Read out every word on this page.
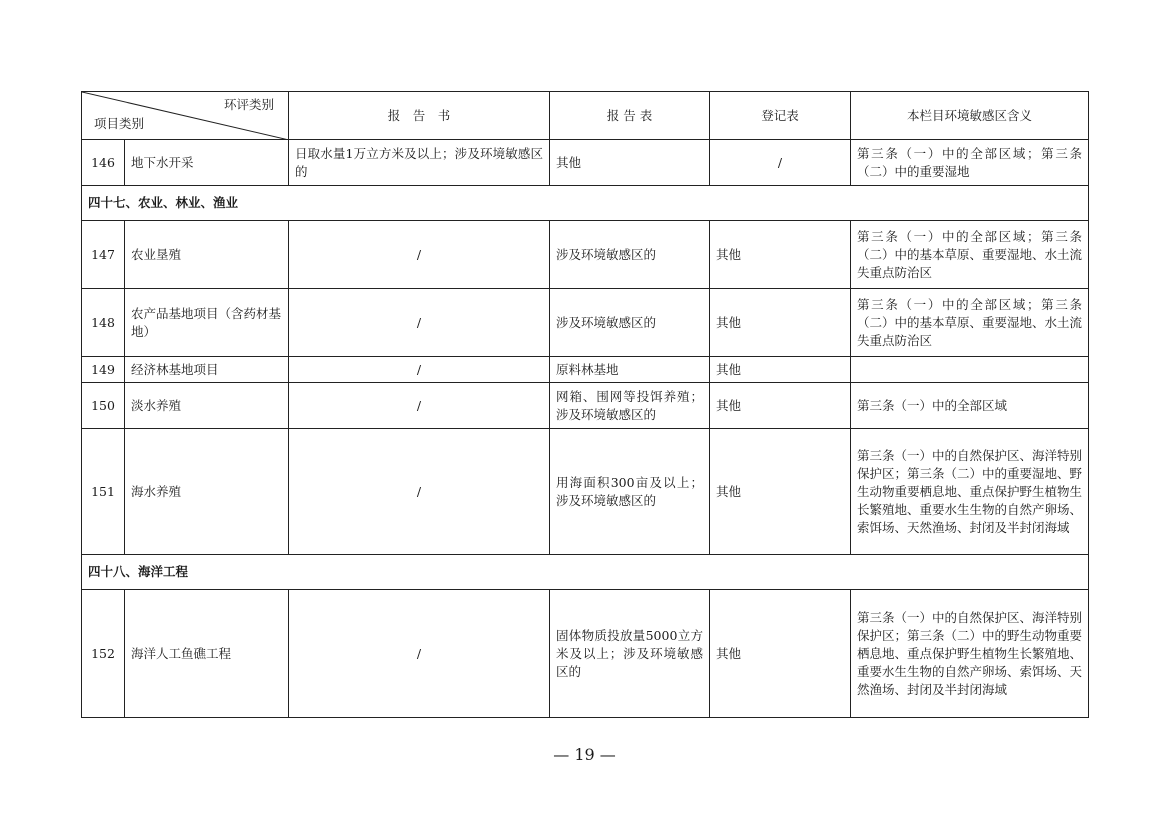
环评类别
项目类别		报　告　书	报 告 表	登记表	本栏目环境敏感区含义
146	地下水开采	日取水量1万立方米及以上；涉及环境敏感区的	其他	/	第三条（一）中的全部区域；第三条（二）中的重要湿地
四十七、农业、林业、渔业					
147	农业垦殖	/	涉及环境敏感区的	其他	第三条（一）中的全部区域；第三条（二）中的基本草原、重要湿地、水土流失重点防治区
148	农产品基地项目（含药材基地）	/	涉及环境敏感区的	其他	第三条（一）中的全部区域；第三条（二）中的基本草原、重要湿地、水土流失重点防治区
149	经济林基地项目	/	原料林基地	其他	
150	淡水养殖	/	网箱、围网等投饵养殖；涉及环境敏感区的	其他	第三条（一）中的全部区域
151	海水养殖	/	用海面积300亩及以上；涉及环境敏感区的	其他	第三条（一）中的自然保护区、海洋特别保护区；第三条（二）中的重要湿地、野生动物重要栖息地、重点保护野生植物生长繁殖地、重要水生生物的自然产卵场、索饵场、天然渔场、封闭及半封闭海域
四十八、海洋工程					
152	海洋人工鱼礁工程	/	固体物质投放量5000立方米及以上；涉及环境敏感区的	其他	第三条（一）中的自然保护区、海洋特别保护区；第三条（二）中的野生动物重要栖息地、重点保护野生植物生长繁殖地、重要水生生物的自然产卵场、索饵场、天然渔场、封闭及半封闭海域
— 19 —
